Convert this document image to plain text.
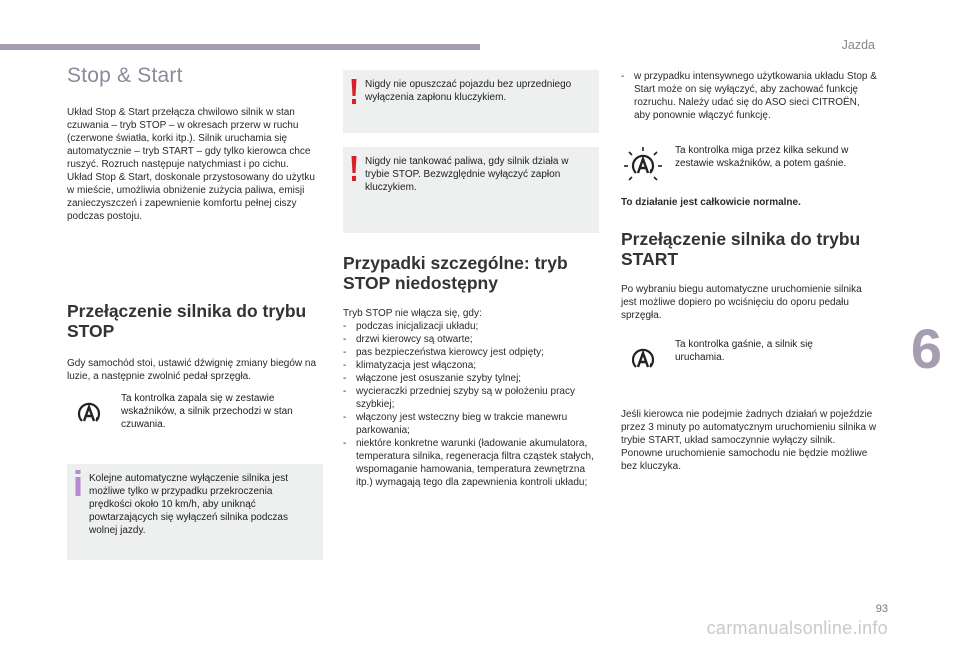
Jazda
Stop & Start

Układ Stop & Start przełącza chwilowo silnik w stan czuwania – tryb STOP – w okresach przerw w ruchu (czerwone światła, korki itp.). Silnik uruchamia się automatycznie – tryb START – gdy tylko kierowca chce ruszyć. Rozruch następuje natychmiast i po cichu.

Układ Stop & Start, doskonale przystosowany do użytku w mieście, umożliwia obniżenie zużycia paliwa, emisji zanieczyszczeń i zapewnienie komfortu pełnej ciszy podczas postoju.

Przełączenie silnika do trybu STOP

Gdy samochód stoi, ustawić dźwignię zmiany biegów na luzie, a następnie zwolnić pedał sprzęgła.

Ta kontrolka zapala się w zestawie wskaźników, a silnik przechodzi w stan czuwania.
Kolejne automatyczne wyłączenie silnika jest możliwe tylko w przypadku przekroczenia prędkości około 10 km/h, aby uniknąć powtarzających się wyłączeń silnika podczas wolnej jazdy.
Nigdy nie opuszczać pojazdu bez uprzedniego wyłączenia zapłonu kluczykiem.
Nigdy nie tankować paliwa, gdy silnik działa w trybie STOP. Bezwzględnie wyłączyć zapłon kluczykiem.
Przypadki szczególne: tryb STOP niedostępny

Tryb STOP nie włącza się, gdy:

- podczas inicjalizacji układu;
- drzwi kierowcy są otwarte;
- pas bezpieczeństwa kierowcy jest odpięty;
- klimatyzacja jest włączona;
- włączone jest osuszanie szyby tylnej;
- wycieraczki przedniej szyby są w położeniu pracy szybkiej;
- włączony jest wsteczny bieg w trakcie manewru parkowania;
- niektóre konkretne warunki (ładowanie akumulatora, temperatura silnika, regeneracja filtra cząstek stałych, wspomaganie hamowania, temperatura zewnętrzna itp.) wymagają tego dla zapewnienia kontroli układu;
- w przypadku intensywnego użytkowania układu Stop & Start może on się wyłączyć, aby zachować funkcję rozruchu. Należy udać się do ASO sieci CITROËN, aby ponownie włączyć funkcję.
Ta kontrolka miga przez kilka sekund w zestawie wskaźników, a potem gaśnie.

To działanie jest całkowicie normalne.

Przełączenie silnika do trybu START

Po wybraniu biegu automatyczne uruchomienie silnika jest możliwe dopiero po wciśnięciu do oporu pedału sprzęgła.

Ta kontrolka gaśnie, a silnik się uruchamia.

Jeśli kierowca nie podejmie żadnych działań w pojeździe przez 3 minuty po automatycznym uruchomieniu silnika w trybie START, układ samoczynnie wyłączy silnik. Ponowne uruchomienie samochodu nie będzie możliwe bez kluczyka.

6
93
carmanualsonline.info
